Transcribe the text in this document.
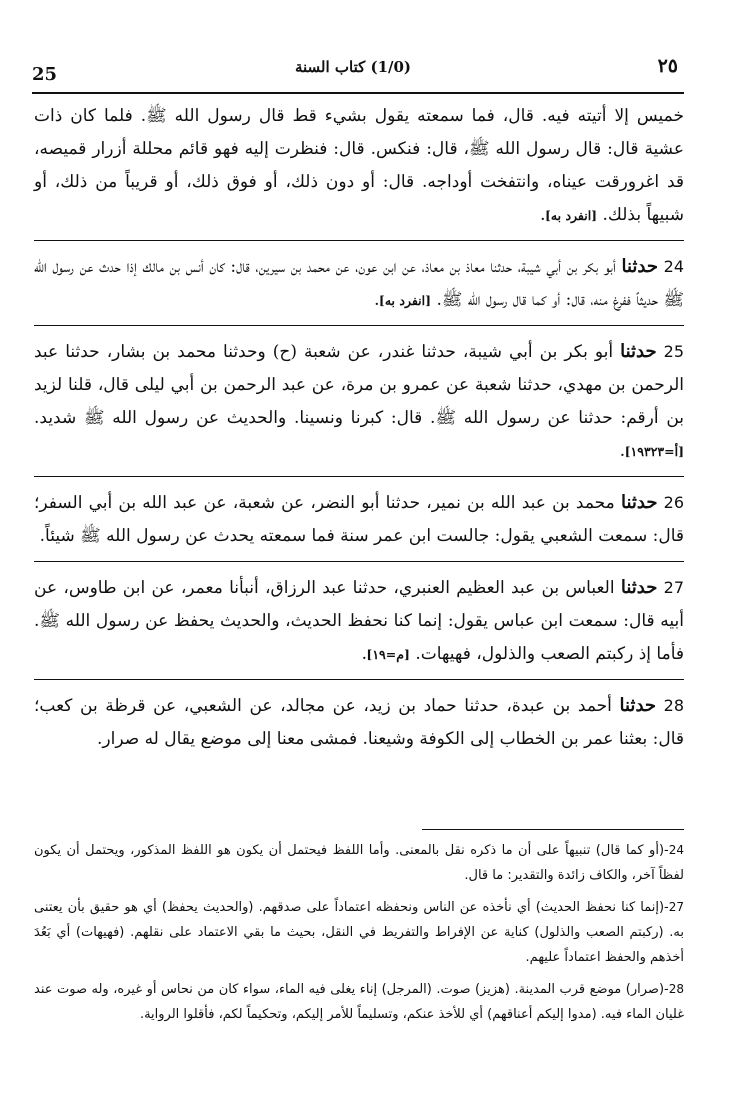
25	(1/0) كتاب السنة	٢٥

خميس إلا أتيته فيه. قال، فما سمعته يقول بشيء قط قال رسول الله ﷺ. فلما كان ذات عشية قال: قال رسول الله ﷺ، قال: فنكس. قال: فنظرت إليه فهو قائم محللة أزرار قميصه، قد اغرورقت عيناه، وانتفخت أوداجه. قال: أو دون ذلك، أو فوق ذلك، أو قريباً من ذلك، أو شبيهاً بذلك. [انفرد به].

24 حدثنا أبو بكر بن أبي شيبة، حدثنا معاذ بن معاذ، عن ابن عون، عن محمد بن سيرين، قال: كان أنس بن مالك إذا حدث عن رسول الله ﷺ حديثاً ففرغ منه، قال: أو كما قال رسول الله ﷺ. [انفرد به].

25 حدثنا أبو بكر بن أبي شيبة، حدثنا غندر، عن شعبة (ح) وحدثنا محمد بن بشار، حدثنا عبد الرحمن بن مهدي، حدثنا شعبة عن عمرو بن مرة، عن عبد الرحمن بن أبي ليلى قال، قلنا لزيد بن أرقم: حدثنا عن رسول الله ﷺ. قال: كبرنا ونسينا. والحديث عن رسول الله ﷺ شديد. [أ=١٩٣٢٣].

26 حدثنا محمد بن عبد الله بن نمير، حدثنا أبو النضر، عن شعبة، عن عبد الله بن أبي السفر؛ قال: سمعت الشعبي يقول: جالست ابن عمر سنة فما سمعته يحدث عن رسول الله ﷺ شيئاً.

27 حدثنا العباس بن عبد العظيم العنبري، حدثنا عبد الرزاق، أنبأنا معمر، عن ابن طاوس، عن أبيه قال: سمعت ابن عباس يقول: إنما كنا نحفظ الحديث، والحديث يحفظ عن رسول الله ﷺ. فأما إذ ركبتم الصعب والذلول، فهيهات. [م=١٩].

28 حدثنا أحمد بن عبدة، حدثنا حماد بن زيد، عن مجالد، عن الشعبي، عن قرظة بن كعب؛ قال: بعثنا عمر بن الخطاب إلى الكوفة وشيعنا. فمشى معنا إلى موضع يقال له صرار.

24-(أو كما قال) تنبيهاً على أن ما ذكره نقل بالمعنى. وأما اللفظ فيحتمل أن يكون هو اللفظ المذكور، ويحتمل أن يكون لفظاً آخر، والكاف زائدة والتقدير: ما قال.

27-(إنما كنا نحفظ الحديث) أي نأخذه عن الناس ونحفظه اعتماداً على صدقهم. (والحديث يحفظ) أي هو حقيق بأن يعتنى به. (ركبتم الصعب والذلول) كناية عن الإفراط والتفريط في النقل، بحيث ما بقي الاعتماد على نقلهم. (فهيهات) أي بَعُدَ أخذهم والحفظ اعتماداً عليهم.

28-(صرار) موضع قرب المدينة. (هزيز) صوت. (المرجل) إناء يغلى فيه الماء، سواء كان من نحاس أو غيره، وله صوت عند غليان الماء فيه. (مدوا إليكم أعناقهم) أي للأخذ عنكم، وتسليماً للأمر إليكم، وتحكيماً لكم، فأقلوا الرواية.
